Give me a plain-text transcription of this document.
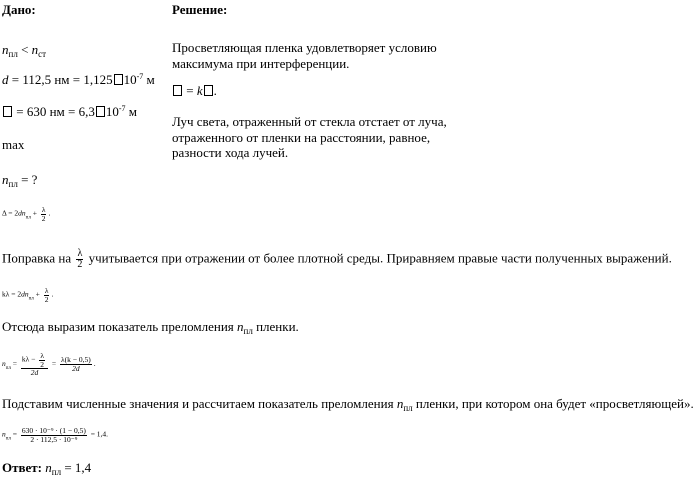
Дано:
$n_{пл} < n_{ст}$
d = 112,5 нм = 1,125 $10^{-7}$ м
= 630 нм = 6,3 $10^{-7}$ м
max
$n_{пл}$ = ?
Решение:

Просветляющая пленка удовлетворяет условию

максимума при интерференции.

= k .

Луч света, отраженный от стекла отстает от луча,

отраженного от пленки на расстоянии, равное,

разности хода лучей.

$\Delta = 2dn_{пл} + \frac{\lambda}{2}$ .
Поправка на $\frac{\lambda}{2}$ учитывается при отражении от более плотной среды. Приравняем правые части полученных выражений.
$k\lambda = 2dn_{пл} + \frac{\lambda}{2}$ .
Отсюда выразим показатель преломления $n_{пл}$ пленки.
$n_{пл} = \frac{k\lambda - \frac{\lambda}{2}}{2d} = \frac{\lambda(k - 0,5)}{2d}$ .
Подставим численные значения и рассчитаем показатель преломления $n_{пл}$ пленки, при котором она будет «просветляющей».
$n_{пл} = \frac{\text{630 · 10⁻⁹ · (1 − 0,5)}}{\text{2 · 112,5 · 10⁻⁹}} = 1,4$.
Ответ: $n_{пл} = 1,4$
